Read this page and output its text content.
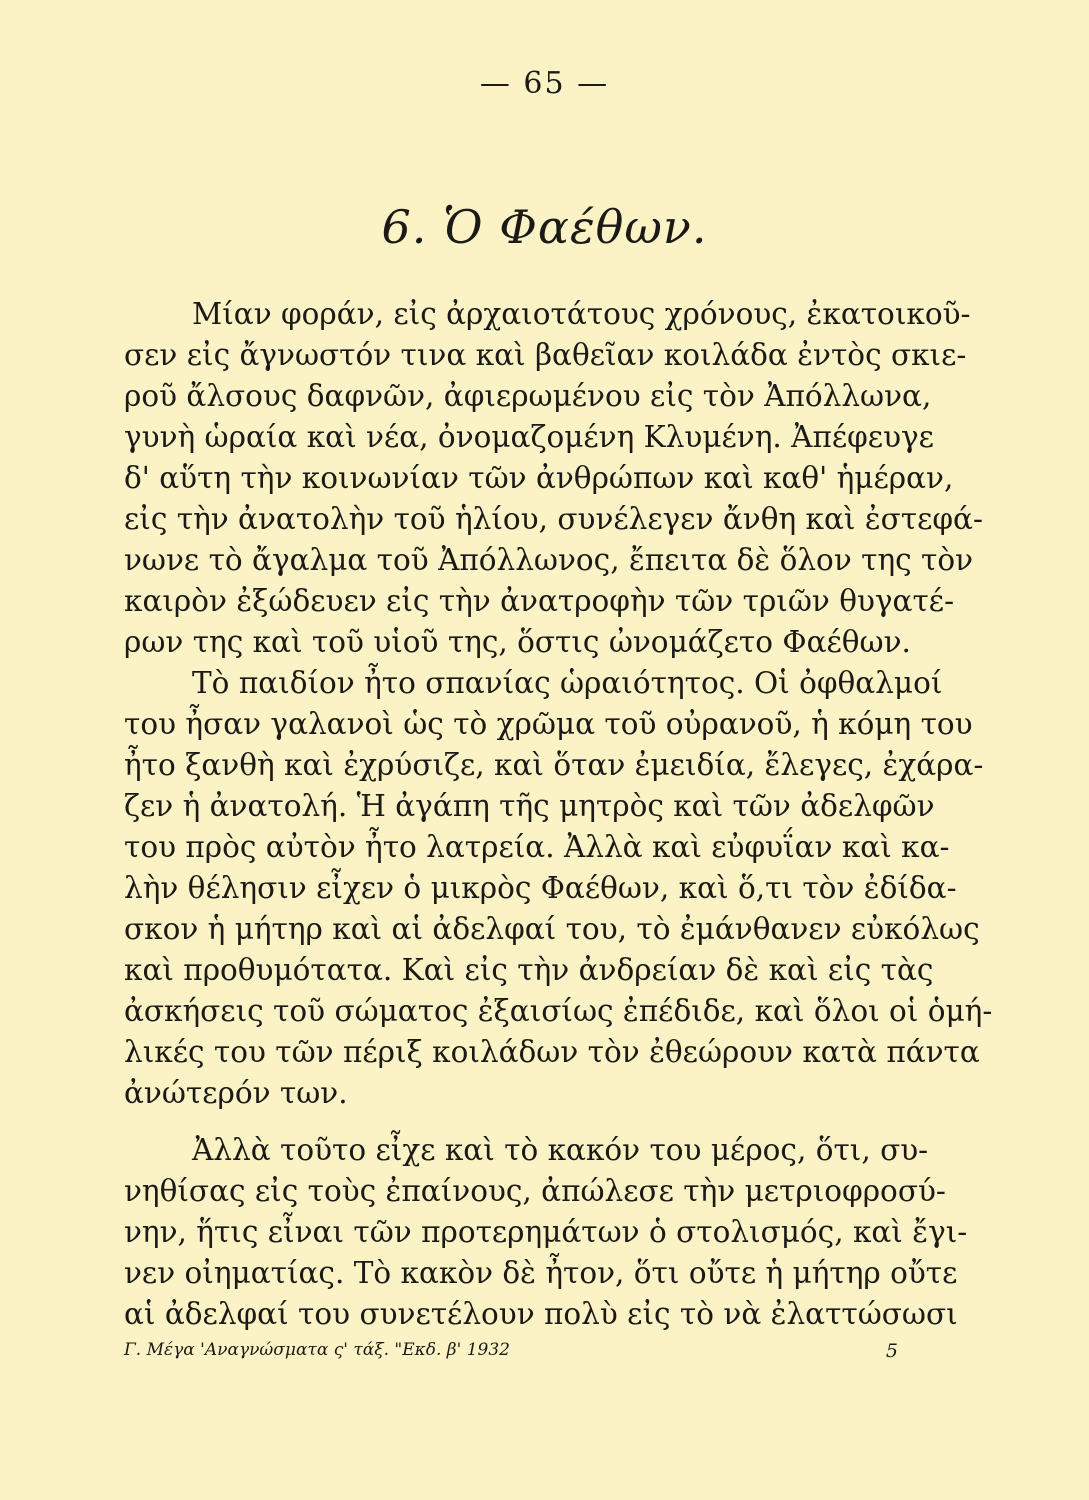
— 65 —
6. Ὁ Φαέθων.
Μίαν φοράν, εἰς ἀρχαιοτάτους χρόνους, ἐκατοικοῦ-
σεν εἰς ἄγνωστόν τινα καὶ βαθεῖαν κοιλάδα ἐντὸς σκιε-
ροῦ ἄλσους δαφνῶν, ἀφιερωμένου εἰς τὸν Ἀπόλλωνα,
γυνὴ ὡραία καὶ νέα, ὀνομαζομένη Κλυμένη. Ἀπέφευγε
δ' αὕτη τὴν κοινωνίαν τῶν ἀνθρώπων καὶ καθ' ἡμέραν,
εἰς τὴν ἀνατολὴν τοῦ ἡλίου, συνέλεγεν ἄνθη καὶ ἐστεφά-
νωνε τὸ ἄγαλμα τοῦ Ἀπόλλωνος, ἔπειτα δὲ ὅλον της τὸν
καιρὸν ἐξώδευεν εἰς τὴν ἀνατροφὴν τῶν τριῶν θυγατέ-
ρων της καὶ τοῦ υἱοῦ της, ὅστις ὠνομάζετο Φαέθων.
Τὸ παιδίον ἦτο σπανίας ὡραιότητος. Οἱ ὀφθαλμοί
του ἦσαν γαλανοὶ ὡς τὸ χρῶμα τοῦ οὐρανοῦ, ἡ κόμη του
ἦτο ξανθὴ καὶ ἐχρύσιζε, καὶ ὅταν ἐμειδία, ἔλεγες, ἐχάρα-
ζεν ἡ ἀνατολή. Ἡ ἀγάπη τῆς μητρὸς καὶ τῶν ἀδελφῶν
του πρὸς αὐτὸν ἦτο λατρεία. Ἀλλὰ καὶ εὐφυΐαν καὶ κα-
λὴν θέλησιν εἶχεν ὁ μικρὸς Φαέθων, καὶ ὅ,τι τὸν ἐδίδα-
σκον ἡ μήτηρ καὶ αἱ ἀδελφαί του, τὸ ἐμάνθανεν εὐκόλως
καὶ προθυμότατα. Καὶ εἰς τὴν ἀνδρείαν δὲ καὶ εἰς τὰς
ἀσκήσεις τοῦ σώματος ἐξαισίως ἐπέδιδε, καὶ ὅλοι οἱ ὁμή-
λικές του τῶν πέριξ κοιλάδων τὸν ἐθεώρουν κατὰ πάντα
ἀνώτερόν των.
Ἀλλὰ τοῦτο εἶχε καὶ τὸ κακόν του μέρος, ὅτι, συ-
νηθίσας εἰς τοὺς ἐπαίνους, ἀπώλεσε τὴν μετριοφροσύ-
νην, ἥτις εἶναι τῶν προτερημάτων ὁ στολισμός, καὶ ἔγι-
νεν οἰηματίας. Τὸ κακὸν δὲ ἦτον, ὅτι οὔτε ἡ μήτηρ οὔτε
αἱ ἀδελφαί του συνετέλουν πολὺ εἰς τὸ νὰ ἐλαττώσωσι
Γ. Μέγα 'Αναγνώσματα ς' τάξ. "Εκδ. β' 1932	5
